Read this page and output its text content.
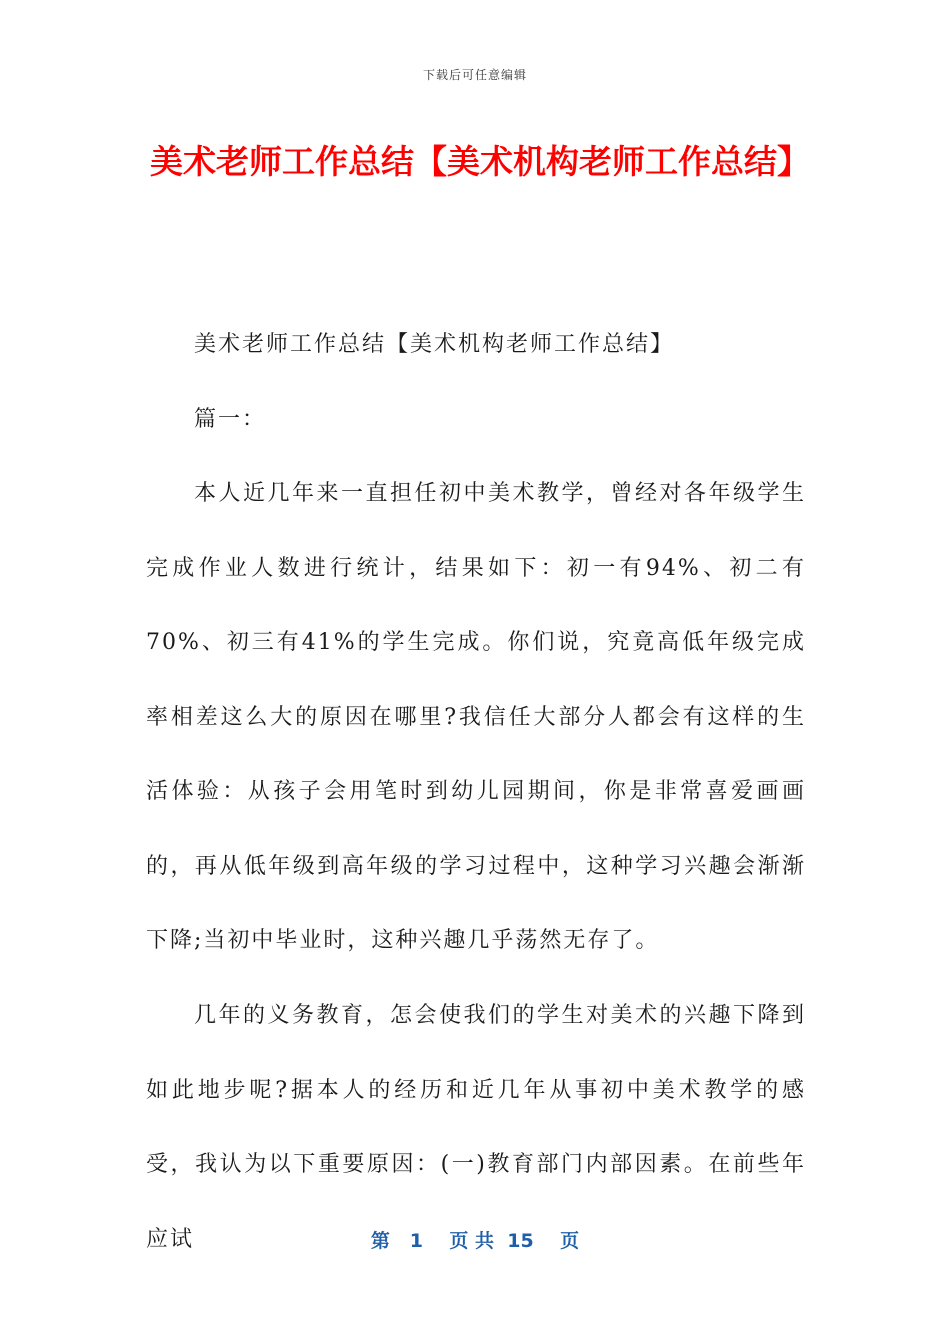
下载后可任意编辑
美术老师工作总结【美术机构老师工作总结】

美术老师工作总结【美术机构老师工作总结】

篇一：

本人近几年来一直担任初中美术教学，曾经对各年级学生完成作业人数进行统计，结果如下：初一有94%、初二有70%、初三有41%的学生完成。你们说，究竟高低年级完成率相差这么大的原因在哪里?我信任大部分人都会有这样的生活体验：从孩子会用笔时到幼儿园期间，你是非常喜爱画画的，再从低年级到高年级的学习过程中，这种学习兴趣会渐渐下降;当初中毕业时，这种兴趣几乎荡然无存了。

几年的义务教育，怎会使我们的学生对美术的兴趣下降到如此地步呢?据本人的经历和近几年从事初中美术教学的感受，我认为以下重要原因：(一)教育部门内部因素。在前些年应试	第 1 页 共 15 页
